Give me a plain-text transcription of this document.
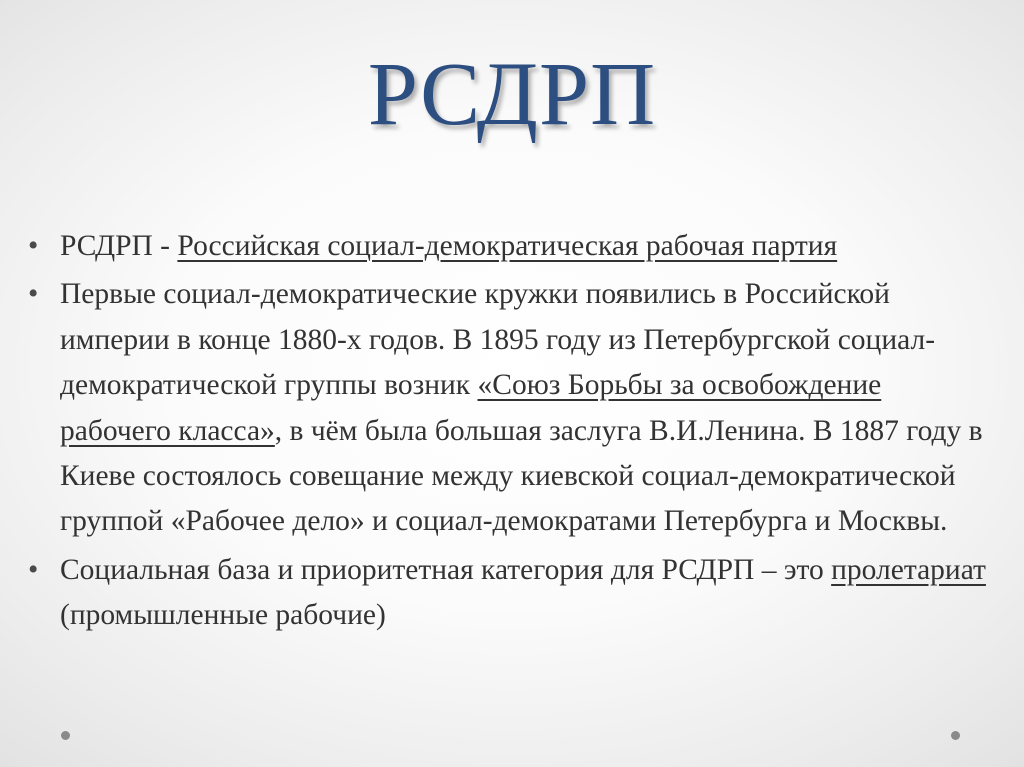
РСДРП
• РСДРП - Российская социал-демократическая рабочая партия
• Первые социал-демократические кружки появились в Российской империи в конце 1880-х годов. В 1895 году из Петербургской социал-демократической группы возник «Союз Борьбы за освобождение рабочего класса», в чём была большая заслуга В.И.Ленина. В 1887 году в Киеве состоялось совещание между киевской социал-демократической группой «Рабочее дело» и социал-демократами Петербурга и Москвы.
• Социальная база и приоритетная категория для РСДРП – это пролетариат (промышленные рабочие)
